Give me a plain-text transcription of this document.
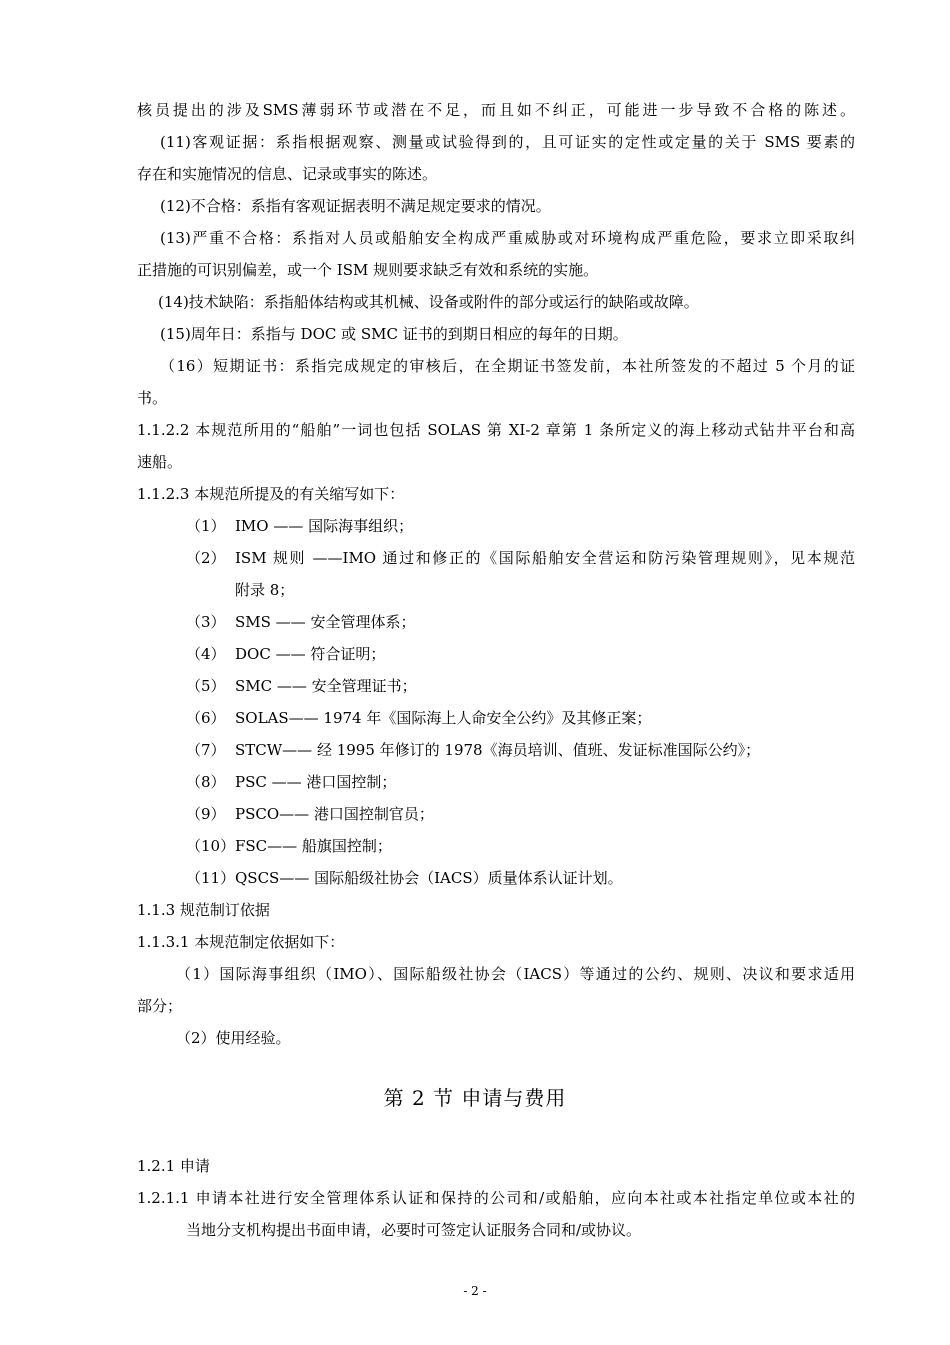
核员提出的涉及SMS薄弱环节或潜在不足，而且如不纠正，可能进一步导致不合格的陈述。
(11)客观证据：系指根据观察、测量或试验得到的，且可证实的定性或定量的关于 SMS 要素的
存在和实施情况的信息、记录或事实的陈述。
(12)不合格：系指有客观证据表明不满足规定要求的情况。
(13)严重不合格：系指对人员或船舶安全构成严重威胁或对环境构成严重危险，要求立即采取纠
正措施的可识别偏差，或一个 ISM 规则要求缺乏有效和系统的实施。
(14)技术缺陷：系指船体结构或其机械、设备或附件的部分或运行的缺陷或故障。
(15)周年日：系指与 DOC 或 SMC 证书的到期日相应的每年的日期。
（16）短期证书：系指完成规定的审核后，在全期证书签发前，本社所签发的不超过 5 个月的证
书。
1.1.2.2 本规范所用的“船舶”一词也包括 SOLAS 第 XI-2 章第 1 条所定义的海上移动式钻井平台和高
速船。
1.1.2.3 本规范所提及的有关缩写如下：
（1） IMO —— 国际海事组织；
（2） ISM 规则 ——IMO 通过和修正的《国际船舶安全营运和防污染管理规则》，见本规范
附录 8；
（3） SMS —— 安全管理体系；
（4） DOC —— 符合证明；
（5） SMC —— 安全管理证书；
（6） SOLAS—— 1974 年《国际海上人命安全公约》及其修正案；
（7） STCW—— 经 1995 年修订的 1978《海员培训、值班、发证标准国际公约》；
（8） PSC —— 港口国控制；
（9） PSCO—— 港口国控制官员；
（10） FSC—— 船旗国控制；
（11） QSCS—— 国际船级社协会（IACS）质量体系认证计划。
1.1.3 规范制订依据
1.1.3.1 本规范制定依据如下：
（1）国际海事组织（IMO）、国际船级社协会（IACS）等通过的公约、规则、决议和要求适用
部分；
（2）使用经验。
第 2 节 申请与费用
1.2.1 申请
1.2.1.1 申请本社进行安全管理体系认证和保持的公司和/或船舶，应向本社或本社指定单位或本社的
当地分支机构提出书面申请，必要时可签定认证服务合同和/或协议。
- 2 -
